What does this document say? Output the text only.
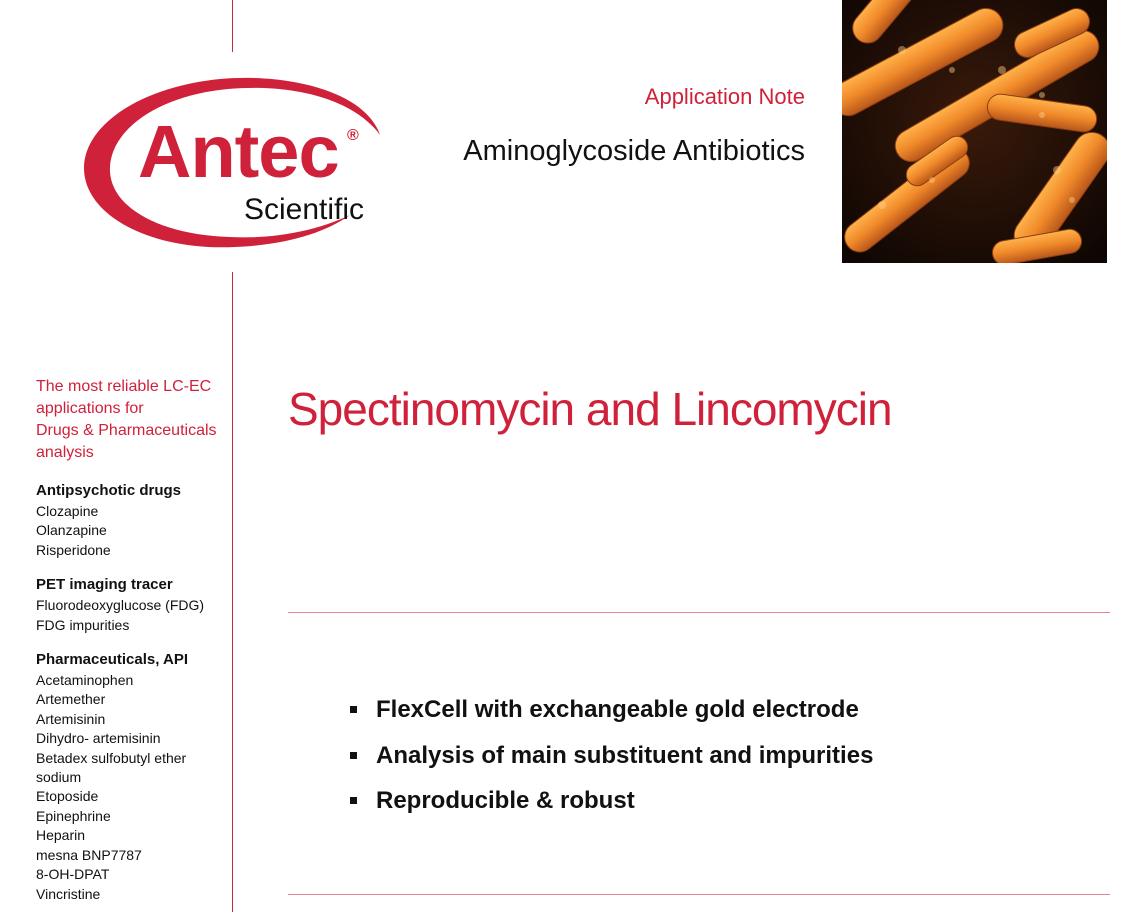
Antec ®
Scientific
Application Note
Aminoglycoside Antibiotics

The most reliable LC-EC
applications for
Drugs & Pharmaceuticals
analysis

Antipsychotic drugs
Clozapine
Olanzapine
Risperidone
PET imaging tracer
Fluorodeoxyglucose (FDG)
FDG impurities
Pharmaceuticals, API
Acetaminophen
Artemether
Artemisinin
Dihydro- artemisinin
Betadex sulfobutyl ether
sodium
Etoposide
Epinephrine
Heparin
mesna BNP7787
8-OH-DPAT
Vincristine
Spectinomycin and Lincomycin
FlexCell with exchangeable gold electrode
Analysis of main substituent and impurities
Reproducible & robust
